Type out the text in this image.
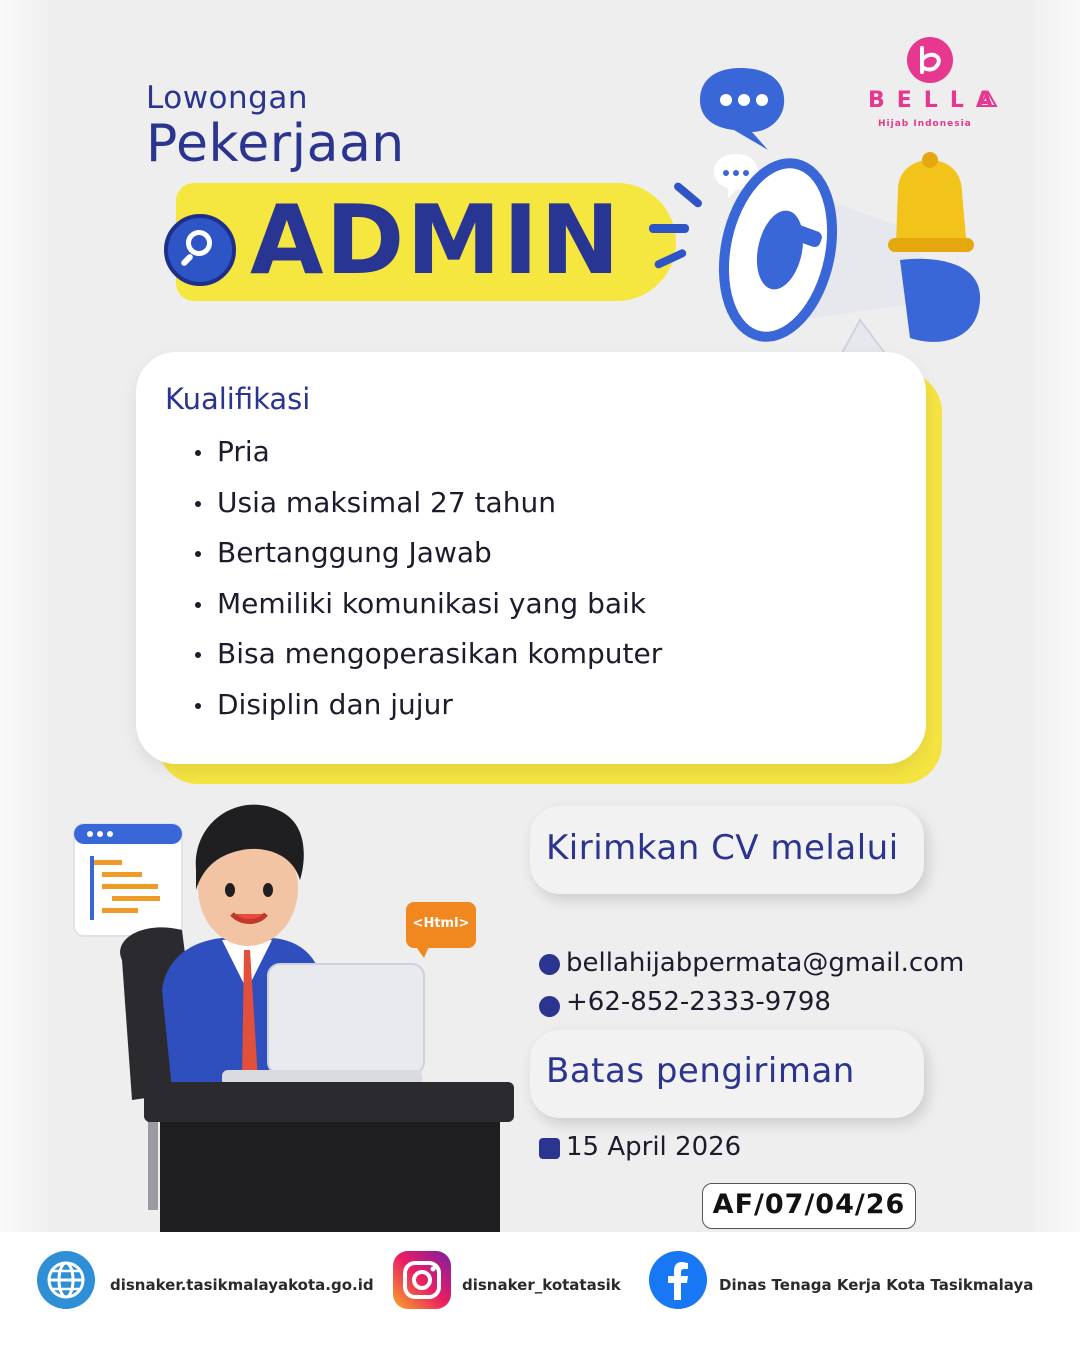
Lowongan
Pekerjaan
ADMIN
BELLA
Hijab Indonesia
Kualifikasi
Pria
Usia maksimal 27 tahun
Bertanggung Jawab
Memiliki komunikasi yang baik
Bisa mengoperasikan komputer
Disiplin dan jujur
<Html>
Kirimkan CV melalui
bellahijabpermata@gmail.com
+62-852-2333-9798
Batas pengiriman
15 April 2026
AF/07/04/26
disnaker.tasikmalayakota.go.id	disnaker_kotatasik	Dinas Tenaga Kerja Kota Tasikmalaya
